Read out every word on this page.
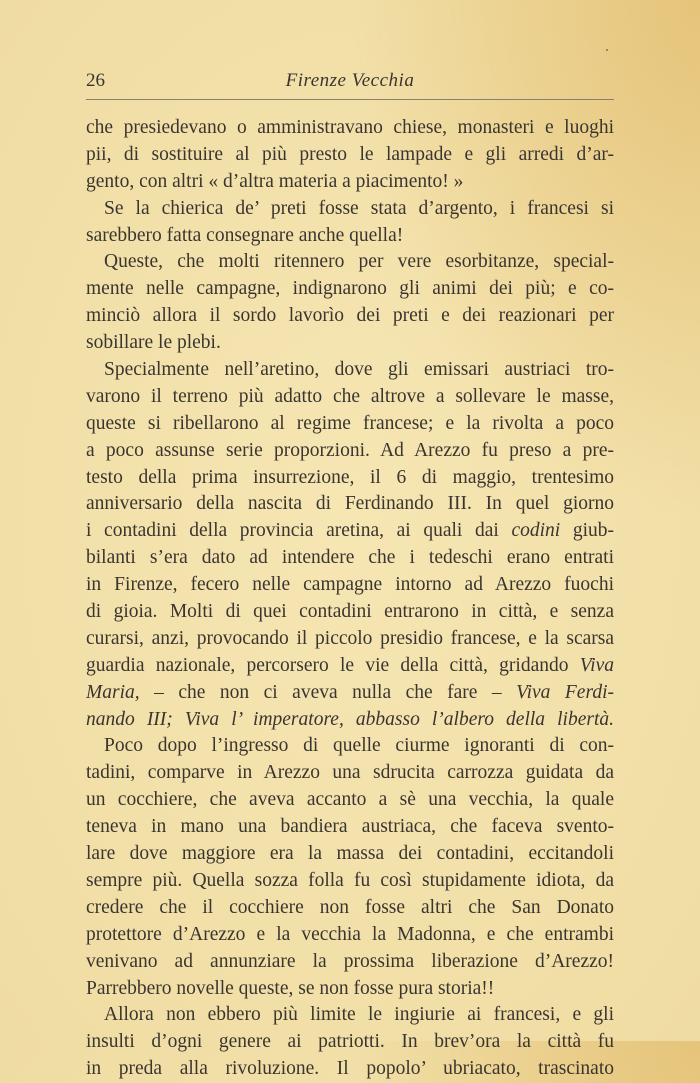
26	Firenze Vecchia
che presiedevano o amministravano chiese, monasteri e luoghi
pii, di sostituire al più presto le lampade e gli arredi d’ar-
gento, con altri « d’altra materia a piacimento! »
Se la chierica de’ preti fosse stata d’argento, i francesi si
sarebbero fatta consegnare anche quella!
Queste, che molti ritennero per vere esorbitanze, special-
mente nelle campagne, indignarono gli animi dei più; e co-
minciò allora il sordo lavorìo dei preti e dei reazionari per
sobillare le plebi.
Specialmente nell’aretino, dove gli emissari austriaci tro-
varono il terreno più adatto che altrove a sollevare le masse,
queste si ribellarono al regime francese; e la rivolta a poco
a poco assunse serie proporzioni. Ad Arezzo fu preso a pre-
testo della prima insurrezione, il 6 di maggio, trentesimo
anniversario della nascita di Ferdinando III. In quel giorno
i contadini della provincia aretina, ai quali dai codini giub-
bilanti s’era dato ad intendere che i tedeschi erano entrati
in Firenze, fecero nelle campagne intorno ad Arezzo fuochi
di gioia. Molti di quei contadini entrarono in città, e senza
curarsi, anzi, provocando il piccolo presidio francese, e la scarsa
guardia nazionale, percorsero le vie della città, gridando Viva
Maria, – che non ci aveva nulla che fare – Viva Ferdi-
nando III; Viva l’ imperatore, abbasso l’albero della libertà.
Poco dopo l’ingresso di quelle ciurme ignoranti di con-
tadini, comparve in Arezzo una sdrucita carrozza guidata da
un cocchiere, che aveva accanto a sè una vecchia, la quale
teneva in mano una bandiera austriaca, che faceva svento-
lare dove maggiore era la massa dei contadini, eccitandoli
sempre più. Quella sozza folla fu così stupidamente idiota, da
credere che il cocchiere non fosse altri che San Donato
protettore d’Arezzo e la vecchia la Madonna, e che entrambi
venivano ad annunziare la prossima liberazione d’Arezzo!
Parrebbero novelle queste, se non fosse pura storia!!
Allora non ebbero più limite le ingiurie ai francesi, e gli
insulti d’ogni genere ai patriotti. In brev’ora la città fu
in preda alla rivoluzione. Il popolo’ ubriacato, trascinato
